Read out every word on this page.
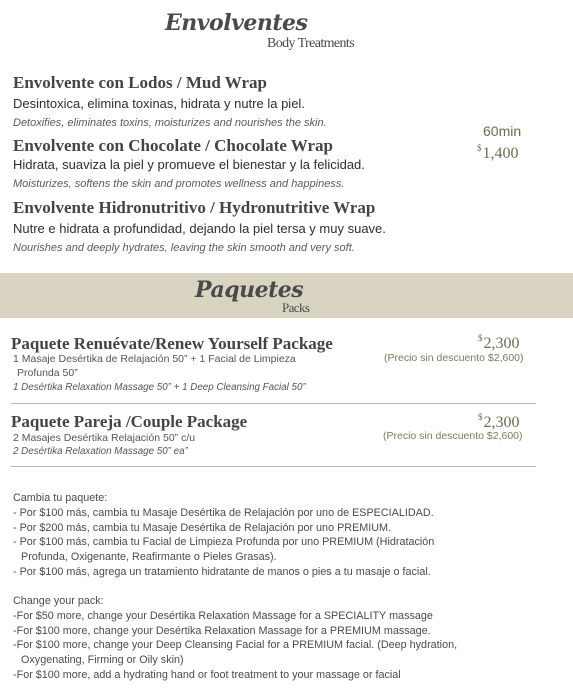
Envolventes
Body Treatments
Envolvente con Lodos / Mud Wrap
Desintoxica, elimina toxinas, hidrata y nutre la piel.
Detoxifies, eliminates toxins, moisturizes and nourishes the skin.
Envolvente con Chocolate / Chocolate Wrap
Hidrata, suaviza la piel y promueve el bienestar y la felicidad.
Moisturizes, softens the skin and promotes wellness and happiness.
Envolvente Hidronutritivo / Hydronutritive Wrap
Nutre e hidrata a profundidad, dejando la piel tersa y muy suave.
Nourishes and deeply hydrates, leaving the skin smooth and very soft.
60min
$1,400
Paquetes
Packs
Paquete Renuévate/Renew Yourself Package
1 Masaje Desértika de Relajación 50” + 1 Facial de Limpieza
Profunda 50”
1 Desértika Relaxation Massage 50” + 1 Deep Cleansing Facial 50”
$2,300
(Precio sin descuento $2,600)
Paquete Pareja /Couple Package
2 Masajes Desértika Relajación 50” c/u
2 Desértika Relaxation Massage 50” ea”
$2,300
(Precio sin descuento $2,600)
Cambia tu paquete:
- Por $100 más, cambia tu Masaje Desértika de Relajación por uno de ESPECIALIDAD.
- Por $200 más, cambia tu Masaje Desértika de Relajación por uno PREMIUM.
- Por $100 más, cambia tu Facial de Limpieza Profunda por uno PREMIUM (Hidratación
Profunda, Oxigenante, Reafirmante o Pieles Grasas).
- Por $100 más, agrega un tratamiento hidratante de manos o pies a tu masaje o facial.
Change your pack:
-For $50 more, change your Desértika Relaxation Massage for a SPECIALITY massage
-For $100 more, change your Desértika Relaxation Massage for a PREMIUM massage.
-For $100 more, change your Deep Cleansing Facial for a PREMIUM facial. (Deep hydration,
Oxygenating, Firming or Oily skin)
-For $100 more, add a hydrating hand or foot treatment to your massage or facial
